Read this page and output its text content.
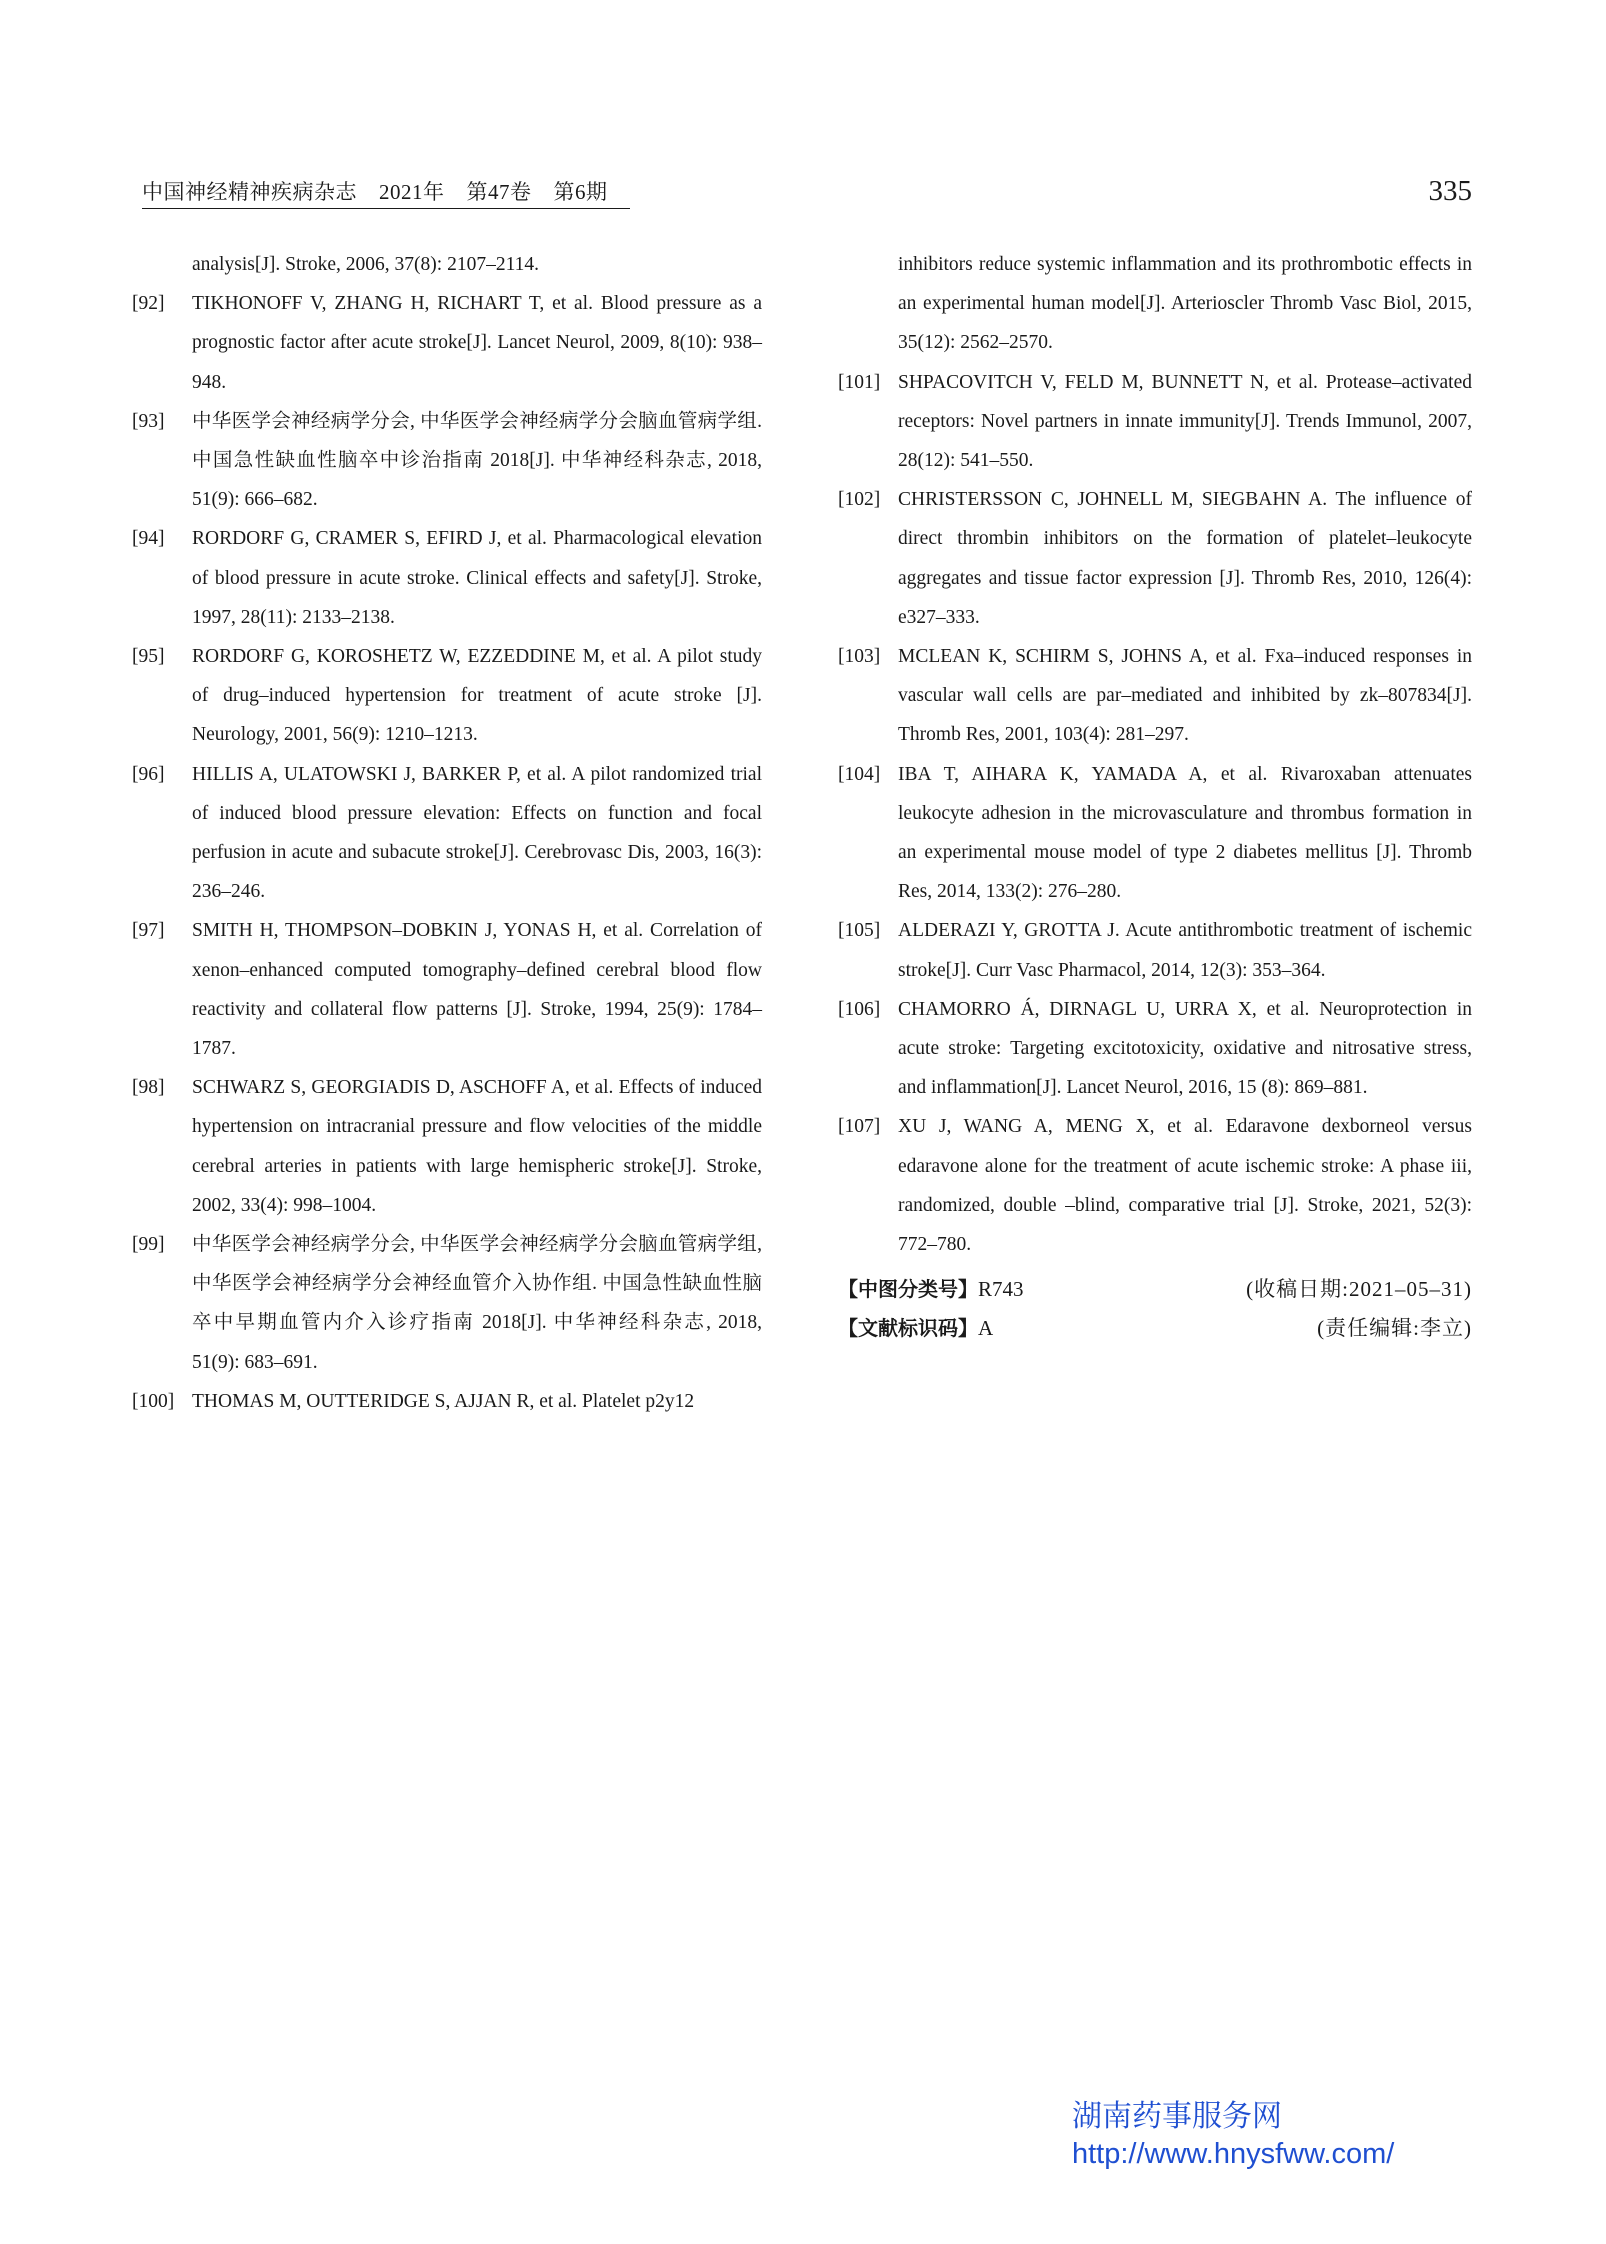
中国神经精神疾病杂志 2021年 第47卷 第6期	335
analysis[J]. Stroke, 2006, 37(8): 2107–2114.
[92]	TIKHONOFF V, ZHANG H, RICHART T, et al. Blood pressure as a prognostic factor after acute stroke[J]. Lancet Neurol, 2009, 8(10): 938–948.
[93]	中华医学会神经病学分会, 中华医学会神经病学分会脑血管病学组. 中国急性缺血性脑卒中诊治指南 2018[J]. 中华神经科杂志, 2018, 51(9): 666–682.
[94]	RORDORF G, CRAMER S, EFIRD J, et al. Pharmacological elevation of blood pressure in acute stroke. Clinical effects and safety[J]. Stroke, 1997, 28(11): 2133–2138.
[95]	RORDORF G, KOROSHETZ W, EZZEDDINE M, et al. A pilot study of drug–induced hypertension for treatment of acute stroke [J]. Neurology, 2001, 56(9): 1210–1213.
[96]	HILLIS A, ULATOWSKI J, BARKER P, et al. A pilot randomized trial of induced blood pressure elevation: Effects on function and focal perfusion in acute and subacute stroke[J]. Cerebrovasc Dis, 2003, 16(3): 236–246.
[97]	SMITH H, THOMPSON–DOBKIN J, YONAS H, et al. Correlation of xenon–enhanced computed tomography–defined cerebral blood flow reactivity and collateral flow patterns [J]. Stroke, 1994, 25(9): 1784–1787.
[98]	SCHWARZ S, GEORGIADIS D, ASCHOFF A, et al. Effects of induced hypertension on intracranial pressure and flow velocities of the middle cerebral arteries in patients with large hemispheric stroke[J]. Stroke, 2002, 33(4): 998–1004.
[99]	中华医学会神经病学分会, 中华医学会神经病学分会脑血管病学组, 中华医学会神经病学分会神经血管介入协作组. 中国急性缺血性脑卒中早期血管内介入诊疗指南 2018[J]. 中华神经科杂志, 2018, 51(9): 683–691.
[100] THOMAS M, OUTTERIDGE S, AJJAN R, et al. Platelet p2y12
inhibitors reduce systemic inflammation and its prothrombotic effects in an experimental human model[J]. Arterioscler Thromb Vasc Biol, 2015, 35(12): 2562–2570.
[101] SHPACOVITCH V, FELD M, BUNNETT N, et al. Protease–activated receptors: Novel partners in innate immunity[J]. Trends Immunol, 2007, 28(12): 541–550.
[102] CHRISTERSSON C, JOHNELL M, SIEGBAHN A. The influence of direct thrombin inhibitors on the formation of platelet–leukocyte aggregates and tissue factor expression [J]. Thromb Res, 2010, 126(4): e327–333.
[103] MCLEAN K, SCHIRM S, JOHNS A, et al. Fxa–induced responses in vascular wall cells are par–mediated and inhibited by zk–807834[J]. Thromb Res, 2001, 103(4): 281–297.
[104] IBA T, AIHARA K, YAMADA A, et al. Rivaroxaban attenuates leukocyte adhesion in the microvasculature and thrombus formation in an experimental mouse model of type 2 diabetes mellitus [J]. Thromb Res, 2014, 133(2): 276–280.
[105] ALDERAZI Y, GROTTA J. Acute antithrombotic treatment of ischemic stroke[J]. Curr Vasc Pharmacol, 2014, 12(3): 353–364.
[106] CHAMORRO Á, DIRNAGL U, URRA X, et al. Neuroprotection in acute stroke: Targeting excitotoxicity, oxidative and nitrosative stress, and inflammation[J]. Lancet Neurol, 2016, 15 (8): 869–881.
[107] XU J, WANG A, MENG X, et al. Edaravone dexborneol versus edaravone alone for the treatment of acute ischemic stroke: A phase iii, randomized, double –blind, comparative trial [J]. Stroke, 2021, 52(3): 772–780.
【中图分类号】R743	(收稿日期:2021–05–31)
【文献标识码】A	(责任编辑:李立)
湖南药事服务网
http://www.hnysfww.com/
